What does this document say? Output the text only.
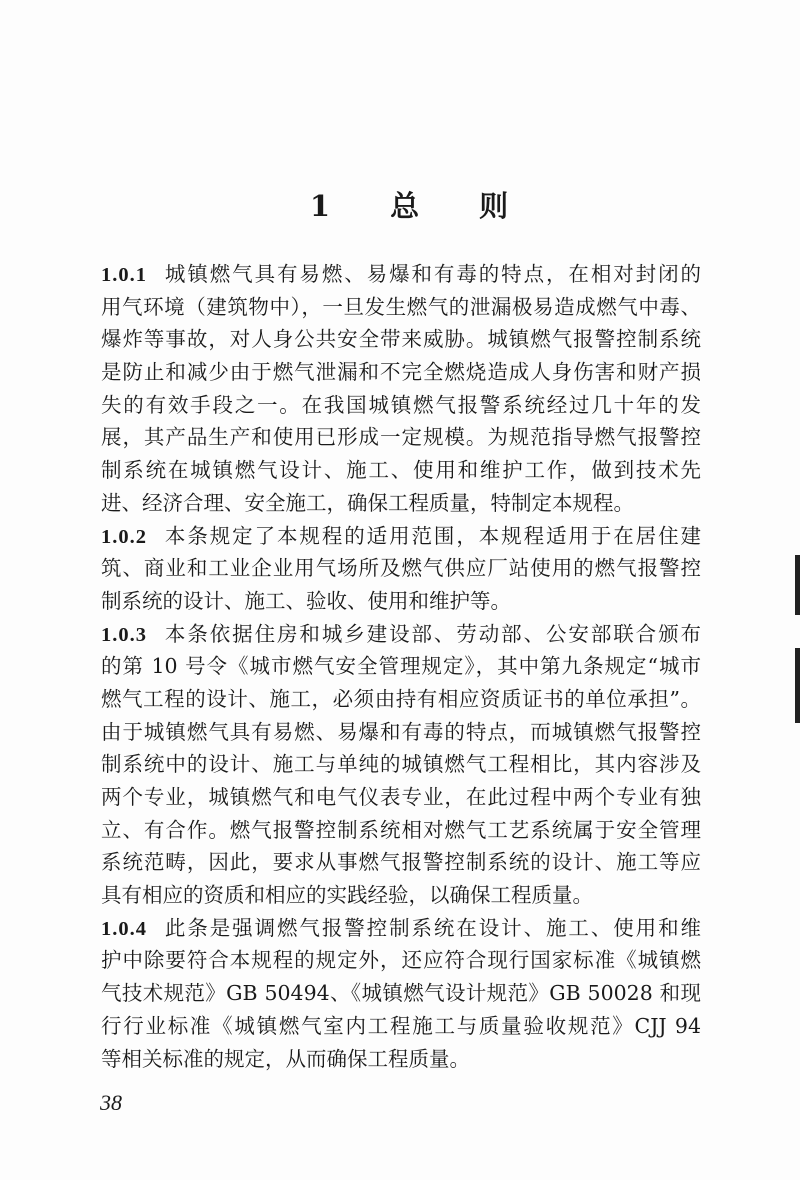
1 总 则
1.0.1 城镇燃气具有易燃、易爆和有毒的特点，在相对封闭的
用气环境（建筑物中），一旦发生燃气的泄漏极易造成燃气中毒、
爆炸等事故，对人身公共安全带来威胁。城镇燃气报警控制系统
是防止和减少由于燃气泄漏和不完全燃烧造成人身伤害和财产损
失的有效手段之一。在我国城镇燃气报警系统经过几十年的发
展，其产品生产和使用已形成一定规模。为规范指导燃气报警控
制系统在城镇燃气设计、施工、使用和维护工作，做到技术先
进、经济合理、安全施工，确保工程质量，特制定本规程。
1.0.2 本条规定了本规程的适用范围，本规程适用于在居住建
筑、商业和工业企业用气场所及燃气供应厂站使用的燃气报警控
制系统的设计、施工、验收、使用和维护等。
1.0.3 本条依据住房和城乡建设部、劳动部、公安部联合颁布
的第 10 号令《城市燃气安全管理规定》，其中第九条规定“城市
燃气工程的设计、施工，必须由持有相应资质证书的单位承担”。
由于城镇燃气具有易燃、易爆和有毒的特点，而城镇燃气报警控
制系统中的设计、施工与单纯的城镇燃气工程相比，其内容涉及
两个专业，城镇燃气和电气仪表专业，在此过程中两个专业有独
立、有合作。燃气报警控制系统相对燃气工艺系统属于安全管理
系统范畴，因此，要求从事燃气报警控制系统的设计、施工等应
具有相应的资质和相应的实践经验，以确保工程质量。
1.0.4 此条是强调燃气报警控制系统在设计、施工、使用和维
护中除要符合本规程的规定外，还应符合现行国家标准《城镇燃
气技术规范》GB 50494、《城镇燃气设计规范》GB 50028 和现
行行业标准《城镇燃气室内工程施工与质量验收规范》CJJ 94
等相关标准的规定，从而确保工程质量。
38
